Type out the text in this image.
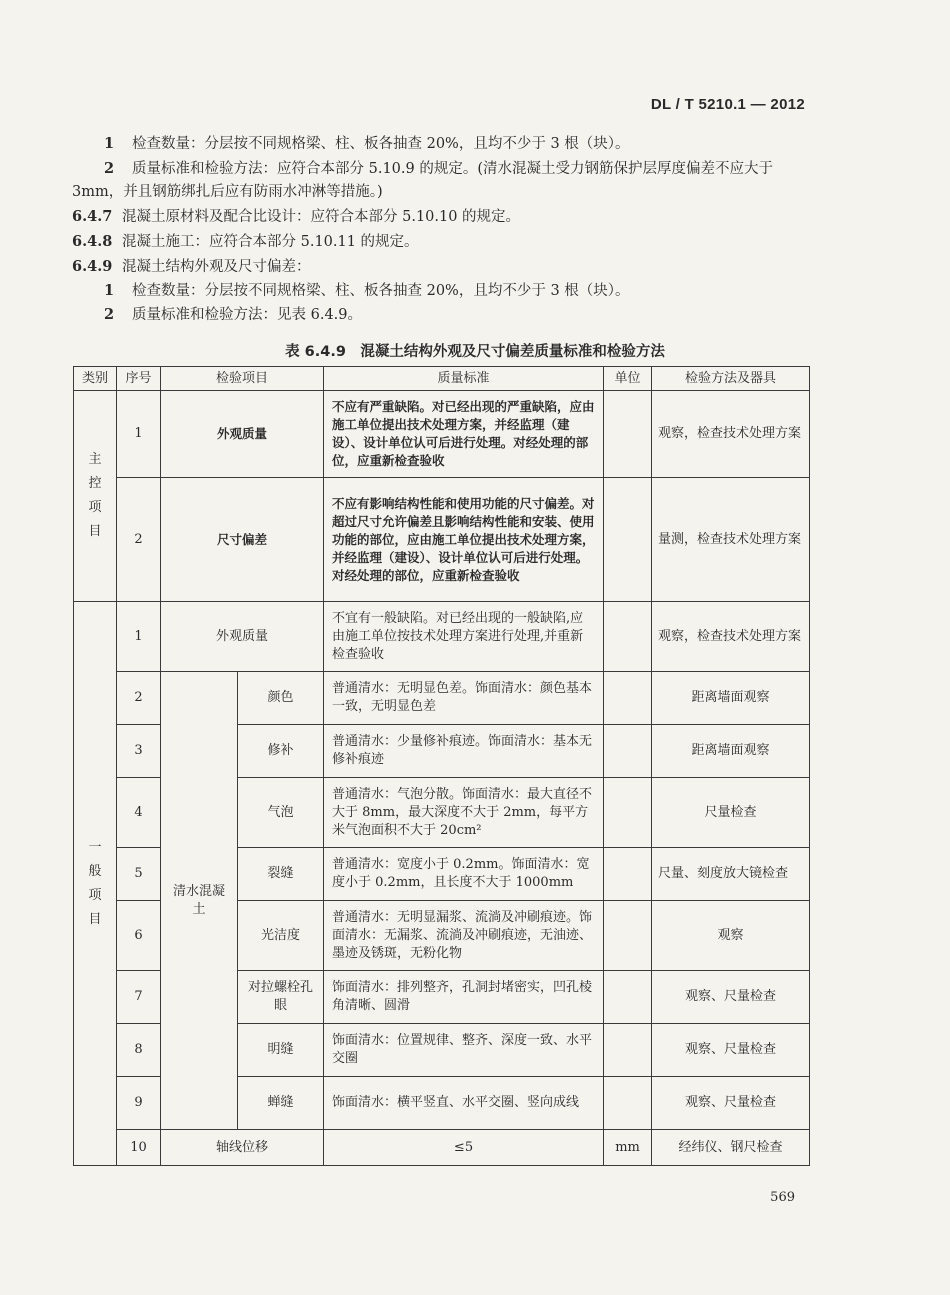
DL / T 5210.1 — 2012
1 检查数量：分层按不同规格梁、柱、板各抽查 20%，且均不少于 3 根（块）。
2 质量标准和检验方法：应符合本部分 5.10.9 的规定。(清水混凝土受力钢筋保护层厚度偏差不应大于 3mm，并且钢筋绑扎后应有防雨水冲淋等措施。)
6.4.7 混凝土原材料及配合比设计：应符合本部分 5.10.10 的规定。
6.4.8 混凝土施工：应符合本部分 5.10.11 的规定。
6.4.9 混凝土结构外观及尺寸偏差：
1 检查数量：分层按不同规格梁、柱、板各抽查 20%，且均不少于 3 根（块）。
2 质量标准和检验方法：见表 6.4.9。
表 6.4.9　混凝土结构外观及尺寸偏差质量标准和检验方法
类别	序号	检验项目		质量标准	单位	检验方法及器具
主控项目	1	外观质量		不应有严重缺陷。对已经出现的严重缺陷，应由施工单位提出技术处理方案，并经监理（建设）、设计单位认可后进行处理。对经处理的部位，应重新检查验收		观察，检查技术处理方案
	2	尺寸偏差		不应有影响结构性能和使用功能的尺寸偏差。对超过尺寸允许偏差且影响结构性能和安装、使用功能的部位，应由施工单位提出技术处理方案，并经监理（建设）、设计单位认可后进行处理。对经处理的部位，应重新检查验收		量测，检查技术处理方案
一般项目	1	外观质量		不宜有一般缺陷。对已经出现的一般缺陷,应由施工单位按技术处理方案进行处理,并重新检查验收		观察，检查技术处理方案
	2	清水混凝土	颜色	普通清水：无明显色差。饰面清水：颜色基本一致，无明显色差		距离墙面观察
	3		修补	普通清水：少量修补痕迹。饰面清水：基本无修补痕迹		距离墙面观察
	4		气泡	普通清水：气泡分散。饰面清水：最大直径不大于 8mm，最大深度不大于 2mm，每平方米气泡面积不大于 20cm²		尺量检查
	5		裂缝	普通清水：宽度小于 0.2mm。饰面清水：宽度小于 0.2mm，且长度不大于 1000mm		尺量、刻度放大镜检查
	6		光洁度	普通清水：无明显漏浆、流淌及冲刷痕迹。饰面清水：无漏浆、流淌及冲刷痕迹，无油迹、墨迹及锈斑，无粉化物		观察
	7		对拉螺栓孔眼	饰面清水：排列整齐，孔洞封堵密实，凹孔棱角清晰、圆滑		观察、尺量检查
	8		明缝	饰面清水：位置规律、整齐、深度一致、水平交圈		观察、尺量检查
	9		蝉缝	饰面清水：横平竖直、水平交圈、竖向成线		观察、尺量检查
	10	轴线位移		≤5	mm	经纬仪、钢尺检查
569
